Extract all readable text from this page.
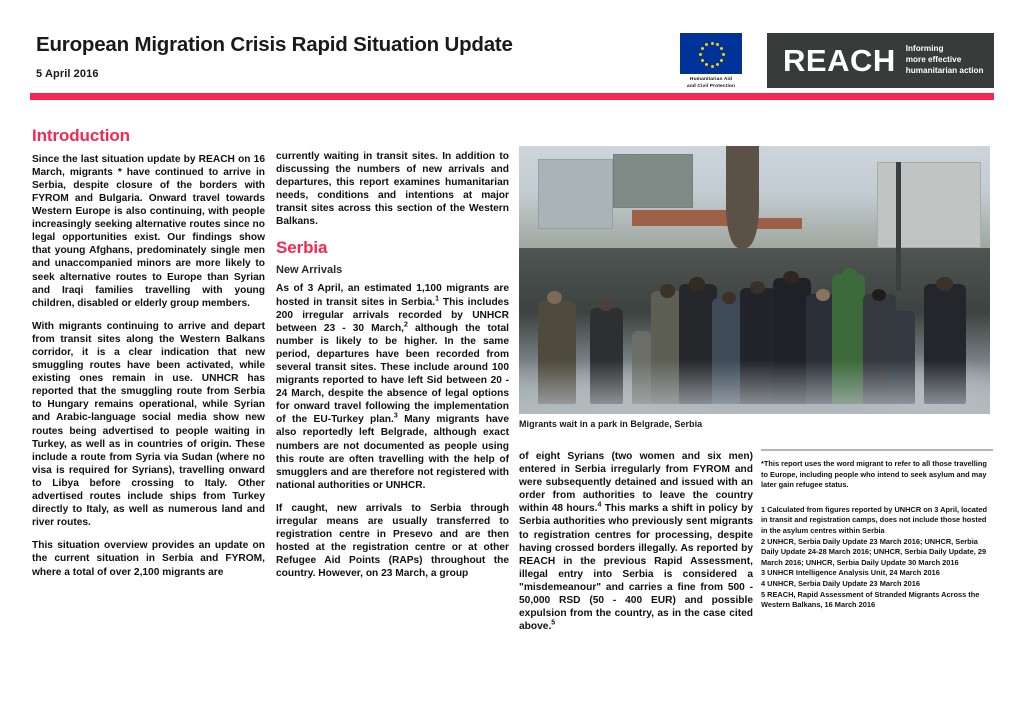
European Migration Crisis Rapid Situation Update
5 April 2016	Humanitarian Aid
and Civil Protection
REACH Informing
more effective
humanitarian action
Introduction

Since the last situation update by REACH on 16 March, migrants * have continued to arrive in Serbia, despite closure of the borders with FYROM and Bulgaria. Onward travel towards Western Europe is also continuing, with people increasingly seeking alternative routes since no legal opportunities exist. Our findings show that young Afghans, predominately single men and unaccompanied minors are more likely to seek alternative routes to Europe than Syrian and Iraqi families travelling with young children, disabled or elderly group members.

With migrants continuing to arrive and depart from transit sites along the Western Balkans corridor, it is a clear indication that new smuggling routes have been activated, while existing ones remain in use. UNHCR has reported that the smuggling route from Serbia to Hungary remains operational, while Syrian and Arabic-language social media show new routes being advertised to people waiting in Turkey, as well as in countries of origin. These include a route from Syria via Sudan (where no visa is required for Syrians), travelling onward to Libya before crossing to Italy. Other advertised routes include ships from Turkey directly to Italy, as well as numerous land and river routes.

This situation overview provides an update on the current situation in Serbia and FYROM, where a total of over 2,100 migrants are

currently waiting in transit sites. In addition to discussing the numbers of new arrivals and departures, this report examines humanitarian needs, conditions and intentions at major transit sites across this section of the Western Balkans.

Serbia
New Arrivals

As of 3 April, an estimated 1,100 migrants are hosted in transit sites in Serbia.$^1$ This includes 200 irregular arrivals recorded by UNHCR between 23 - 30 March,$^2$ although the total number is likely to be higher. In the same period, departures have been recorded from several transit sites. These include around 100 migrants reported to have left Sid between 20 - 24 March, despite the absence of legal options for onward travel following the implementation of the EU-Turkey plan.$^3$ Many migrants have also reportedly left Belgrade, although exact numbers are not documented as people using this route are often travelling with the help of smugglers and are therefore not registered with national authorities or UNHCR.

If caught, new arrivals to Serbia through irregular means are usually transferred to registration centre in Presevo and are then hosted at the registration centre or at other Refugee Aid Points (RAPs) throughout the country. However, on 23 March, a group

Migrants wait in a park in Belgrade, Serbia

of eight Syrians (two women and six men) entered in Serbia irregularly from FYROM and were subsequently detained and issued with an order from authorities to leave the country within 48 hours.$^4$ This marks a shift in policy by Serbia authorities who previously sent migrants to registration centres for processing, despite having crossed borders illegally. As reported by REACH in the previous Rapid Assessment, illegal entry into Serbia is considered a "misdemeanour" and carries a fine from 500 - 50,000 RSD (50 - 400 EUR) and possible expulsion from the country, as in the case cited above.$^5$

*This report uses the word migrant to refer to all those travelling to Europe, including people who intend to seek asylum and may later gain refugee status.

1 Calculated from figures reported by UNHCR on 3 April, located in transit and registration camps, does not include those hosted in the asylum centres within Serbia

2 UNHCR, Serbia Daily Update 23 March 2016; UNHCR, Serbia Daily Update 24-28 March 2016; UNHCR, Serbia Daily Update, 29 March 2016; UNHCR, Serbia Daily Update 30 March 2016

3 UNHCR Intelligence Analysis Unit, 24 March 2016

4 UNHCR, Serbia Daily Update 23 March 2016

5 REACH, Rapid Assessment of Stranded Migrants Across the Western Balkans, 16 March 2016
